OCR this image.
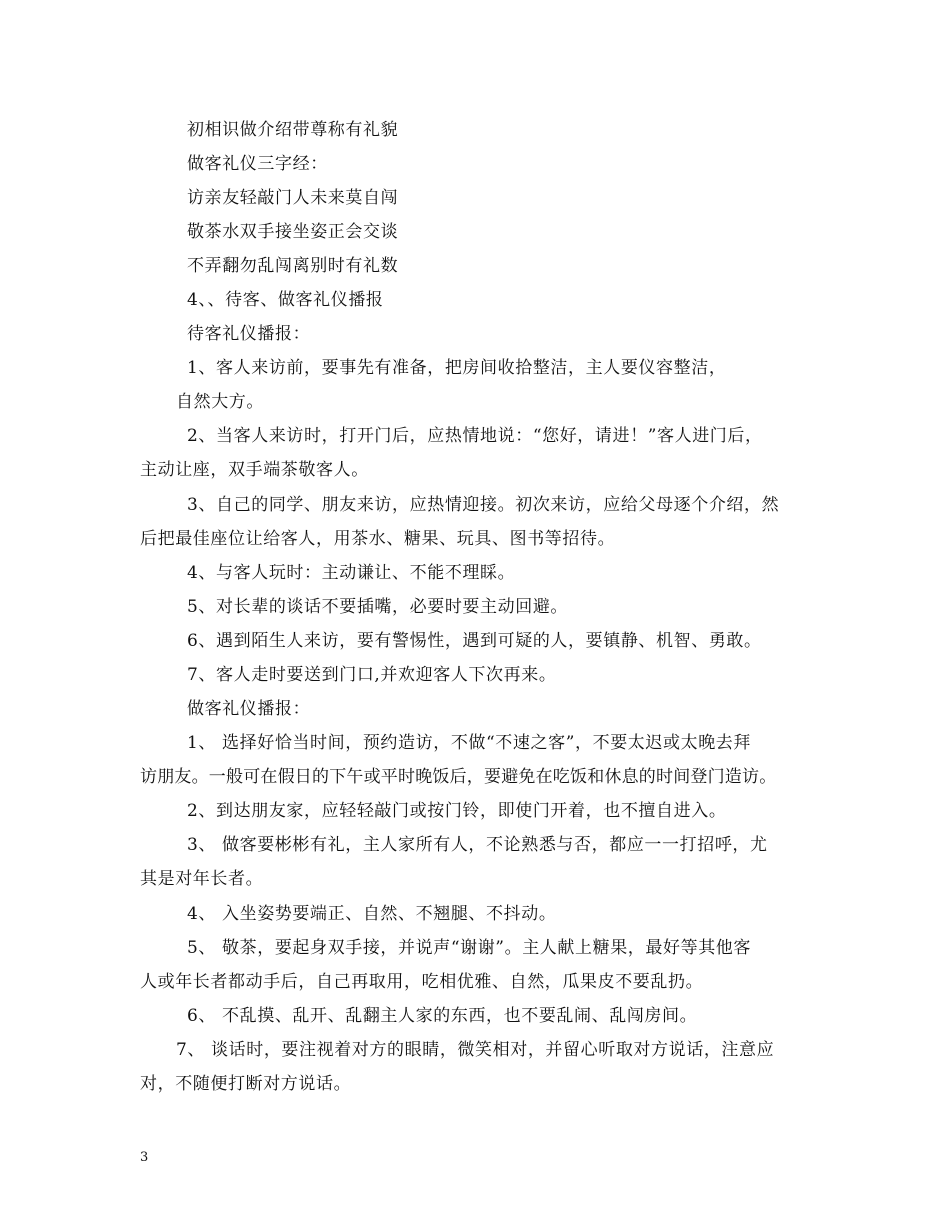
初相识做介绍带尊称有礼貌
做客礼仪三字经：
访亲友轻敲门人未来莫自闯
敬茶水双手接坐姿正会交谈
不弄翻勿乱闯离别时有礼数
4、、待客、做客礼仪播报
待客礼仪播报：
1、客人来访前，要事先有准备，把房间收拾整洁，主人要仪容整洁，
自然大方。
2、当客人来访时，打开门后，应热情地说：“您好，请进！”客人进门后，
主动让座，双手端茶敬客人。
3、自己的同学、朋友来访，应热情迎接。初次来访，应给父母逐个介绍，然
后把最佳座位让给客人，用茶水、糖果、玩具、图书等招待。
4、与客人玩时：主动谦让、不能不理睬。
5、对长辈的谈话不要插嘴，必要时要主动回避。
6、遇到陌生人来访，要有警惕性，遇到可疑的人，要镇静、机智、勇敢。
7、客人走时要送到门口,并欢迎客人下次再来。
做客礼仪播报：
1、 选择好恰当时间，预约造访，不做“不速之客”，不要太迟或太晚去拜
访朋友。一般可在假日的下午或平时晚饭后，要避免在吃饭和休息的时间登门造访。
2、到达朋友家，应轻轻敲门或按门铃，即使门开着，也不擅自进入。
3、 做客要彬彬有礼，主人家所有人，不论熟悉与否，都应一一打招呼，尤
其是对年长者。
4、 入坐姿势要端正、自然、不翘腿、不抖动。
5、 敬茶，要起身双手接，并说声“谢谢”。主人献上糖果，最好等其他客
人或年长者都动手后，自己再取用，吃相优雅、自然，瓜果皮不要乱扔。
6、 不乱摸、乱开、乱翻主人家的东西，也不要乱闹、乱闯房间。
7、 谈话时，要注视着对方的眼睛，微笑相对，并留心听取对方说话，注意应
对，不随便打断对方说话。
3
